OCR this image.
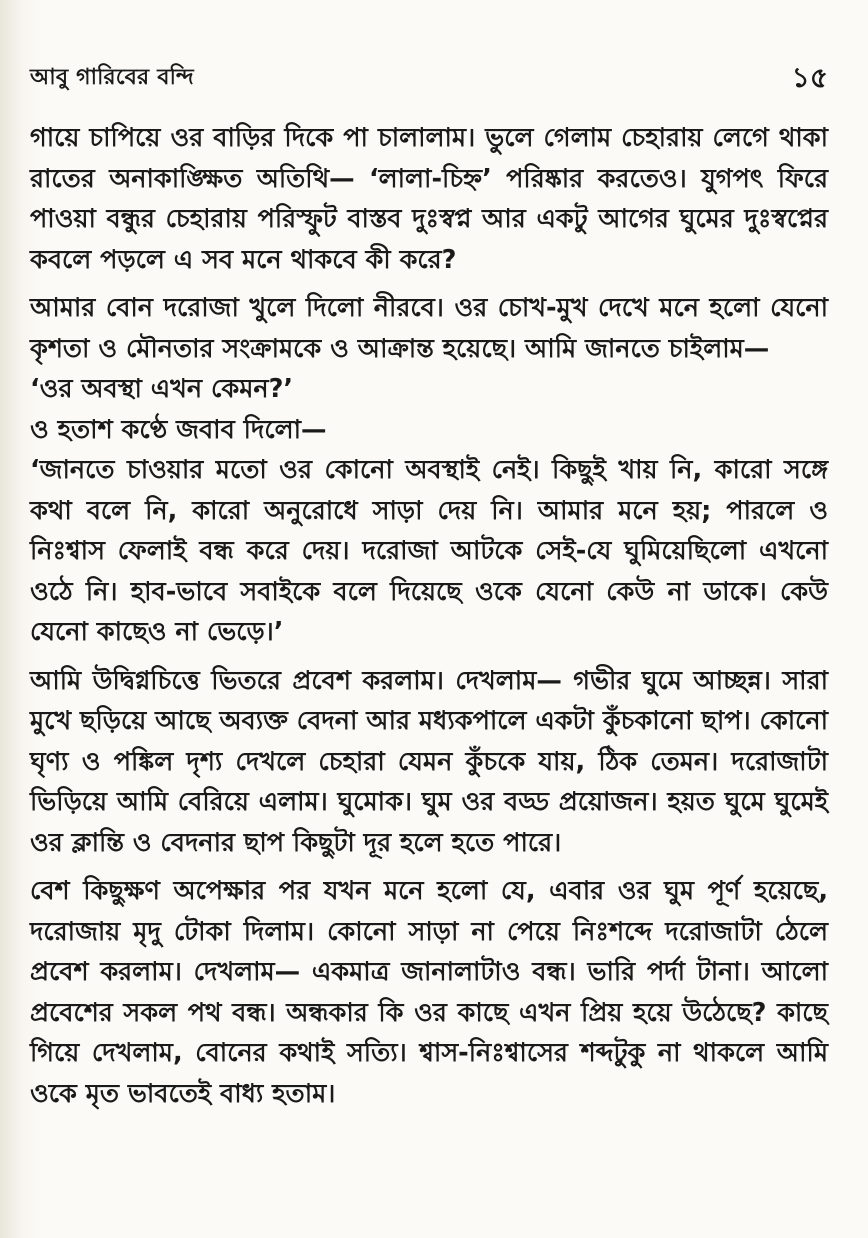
আবু গারিবের বন্দি	১৫

গায়ে চাপিয়ে ওর বাড়ির দিকে পা চালালাম। ভুলে গেলাম চেহারায় লেগে থাকা রাতের অনাকাঙ্ক্ষিত অতিথি— ‘লালা-চিহ্ন’ পরিষ্কার করতেও। যুগপৎ ফিরে পাওয়া বন্ধুর চেহারায় পরিস্ফুট বাস্তব দুঃস্বপ্ন আর একটু আগের ঘুমের দুঃস্বপ্নের কবলে পড়লে এ সব মনে থাকবে কী করে?

আমার বোন দরোজা খুলে দিলো নীরবে। ওর চোখ-মুখ দেখে মনে হলো যেনো কৃশতা ও মৌনতার সংক্রামকে ও আক্রান্ত হয়েছে। আমি জানতে চাইলাম—

‘ওর অবস্থা এখন কেমন?’

ও হতাশ কণ্ঠে জবাব দিলো—

‘জানতে চাওয়ার মতো ওর কোনো অবস্থাই নেই। কিছুই খায় নি, কারো সঙ্গে কথা বলে নি, কারো অনুরোধে সাড়া দেয় নি। আমার মনে হয়; পারলে ও নিঃশ্বাস ফেলাই বন্ধ করে দেয়। দরোজা আটকে সেই-যে ঘুমিয়েছিলো এখনো ওঠে নি। হাব-ভাবে সবাইকে বলে দিয়েছে ওকে যেনো কেউ না ডাকে। কেউ যেনো কাছেও না ভেড়ে।’

আমি উদ্বিগ্নচিত্তে ভিতরে প্রবেশ করলাম। দেখলাম— গভীর ঘুমে আচ্ছন্ন। সারা মুখে ছড়িয়ে আছে অব্যক্ত বেদনা আর মধ্যকপালে একটা কুঁচকানো ছাপ। কোনো ঘৃণ্য ও পঙ্কিল দৃশ্য দেখলে চেহারা যেমন কুঁচকে যায়, ঠিক তেমন। দরোজাটা ভিড়িয়ে আমি বেরিয়ে এলাম। ঘুমোক। ঘুম ওর বড্ড প্রয়োজন। হয়ত ঘুমে ঘুমেই ওর ক্লান্তি ও বেদনার ছাপ কিছুটা দূর হলে হতে পারে।

বেশ কিছুক্ষণ অপেক্ষার পর যখন মনে হলো যে, এবার ওর ঘুম পূর্ণ হয়েছে, দরোজায় মৃদু টোকা দিলাম। কোনো সাড়া না পেয়ে নিঃশব্দে দরোজাটা ঠেলে প্রবেশ করলাম। দেখলাম— একমাত্র জানালাটাও বন্ধ। ভারি পর্দা টানা। আলো প্রবেশের সকল পথ বন্ধ। অন্ধকার কি ওর কাছে এখন প্রিয় হয়ে উঠেছে? কাছে গিয়ে দেখলাম, বোনের কথাই সত্যি। শ্বাস-নিঃশ্বাসের শব্দটুকু না থাকলে আমি ওকে মৃত ভাবতেই বাধ্য হতাম।
